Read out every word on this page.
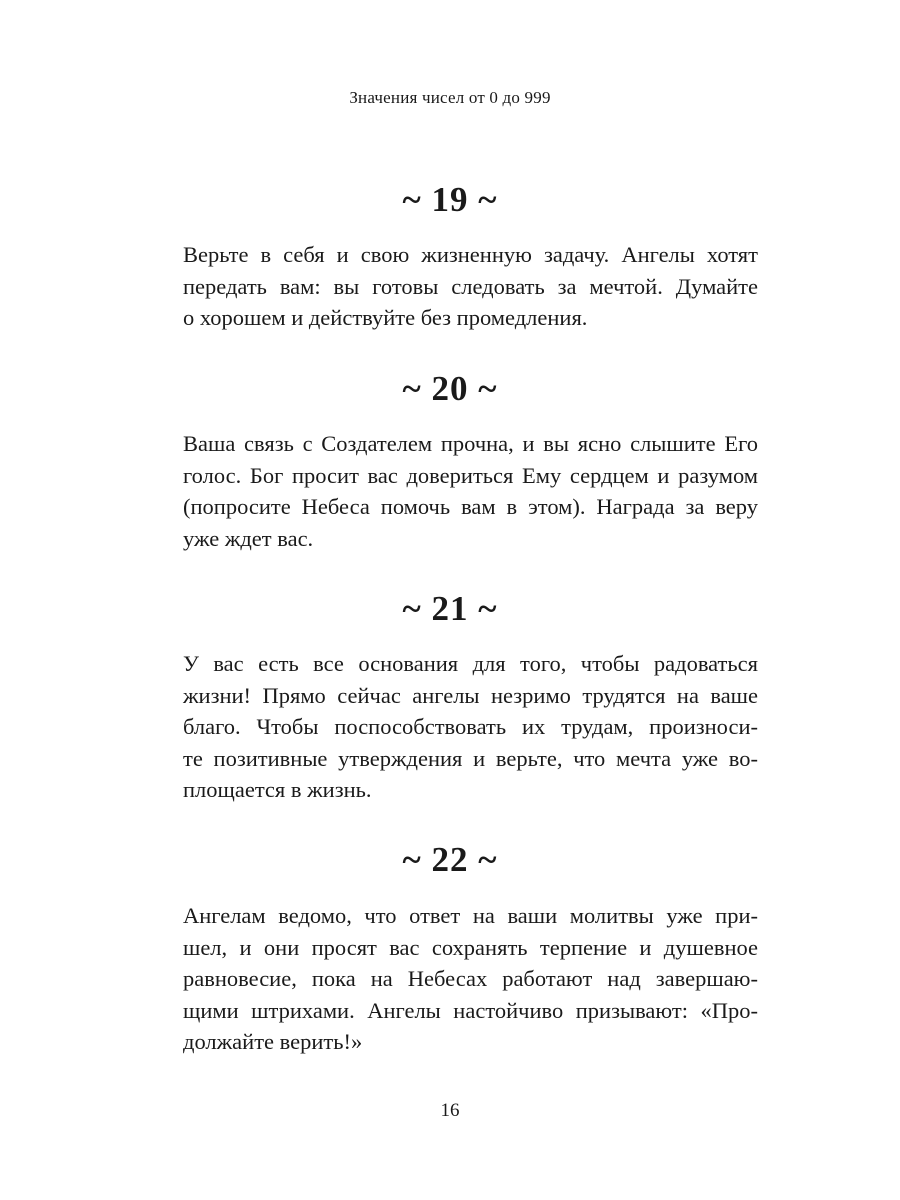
Значения чисел от 0 до 999
~ 19 ~

Верьте в себя и свою жизненную задачу. Ангелы хотят
передать вам: вы готовы следовать за мечтой. Думайте
о хорошем и действуйте без промедления.

~ 20 ~

Ваша связь с Создателем прочна, и вы ясно слышите Его
голос. Бог просит вас довериться Ему сердцем и разумом
(попросите Небеса помочь вам в этом). Награда за веру
уже ждет вас.

~ 21 ~

У вас есть все основания для того, чтобы радоваться
жизни! Прямо сейчас ангелы незримо трудятся на ваше
благо. Чтобы поспособствовать их трудам, произноси-
те позитивные утверждения и верьте, что мечта уже во-
площается в жизнь.

~ 22 ~

Ангелам ведомо, что ответ на ваши молитвы уже при-
шел, и они просят вас сохранять терпение и душевное
равновесие, пока на Небесах работают над завершаю-
щими штрихами. Ангелы настойчиво призывают: «Про-
должайте верить!»

16
